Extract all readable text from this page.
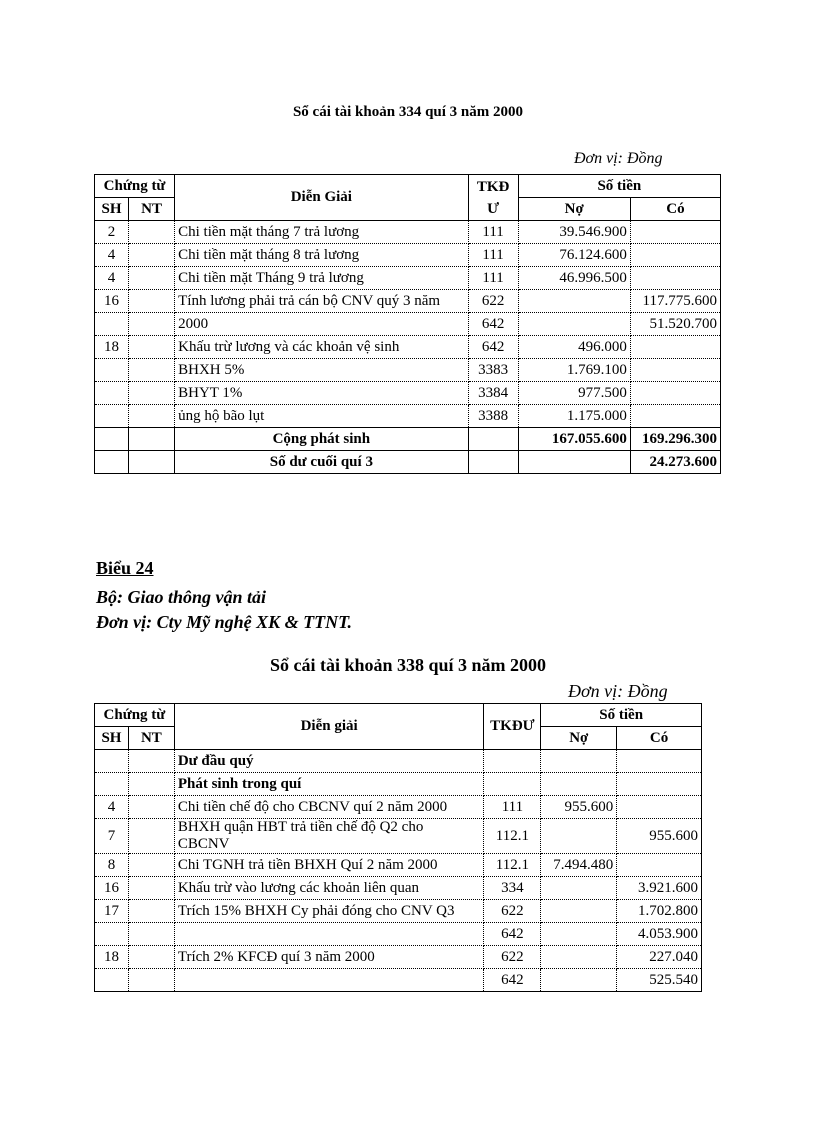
Sổ cái tài khoản 334 quí 3 năm 2000
Đơn vị: Đồng
Chứng từ		Diễn Giải	TKĐ
Ư	Số tiền	
SH	NT			Nợ	Có
2		Chi tiền mặt tháng 7 trả lương	111	39.546.900	
4		Chi tiền mặt tháng 8 trả lương	111	76.124.600	
4		Chi tiền mặt Tháng 9 trả lương	111	46.996.500	
16		Tính lương phải trả cán bộ CNV quý 3 năm	622		117.775.600
		2000	642		51.520.700
18		Khấu trừ lương và các khoản vệ sinh	642	496.000	
		BHXH 5%	3383	1.769.100	
		BHYT 1%	3384	977.500	
		ủng hộ bão lụt	3388	1.175.000	
		Cộng phát sinh		167.055.600	169.296.300
		Số dư cuối quí 3			24.273.600
Biểu 24
Bộ: Giao thông vận tải
Đơn vị: Cty Mỹ nghệ XK & TTNT.
Sổ cái tài khoản 338 quí 3 năm 2000
Đơn vị: Đồng
Chứng từ		Diễn giải	TKĐƯ	Số tiền	
SH	NT			Nợ	Có
		Dư đầu quý			
		Phát sinh trong quí			
4		Chi tiền chế độ cho CBCNV quí 2 năm 2000	111	955.600	
7		BHXH quận HBT trả tiền chế độ Q2 cho
CBCNV	112.1		955.600
8		Chi TGNH trả tiền BHXH Quí 2 năm 2000	112.1	7.494.480	
16		Khấu trừ vào lương các khoản liên quan	334		3.921.600
17		Trích 15% BHXH Cy phải đóng cho CNV Q3	622		1.702.800
			642		4.053.900
18		Trích 2% KFCĐ quí 3 năm 2000	622		227.040
			642		525.540
